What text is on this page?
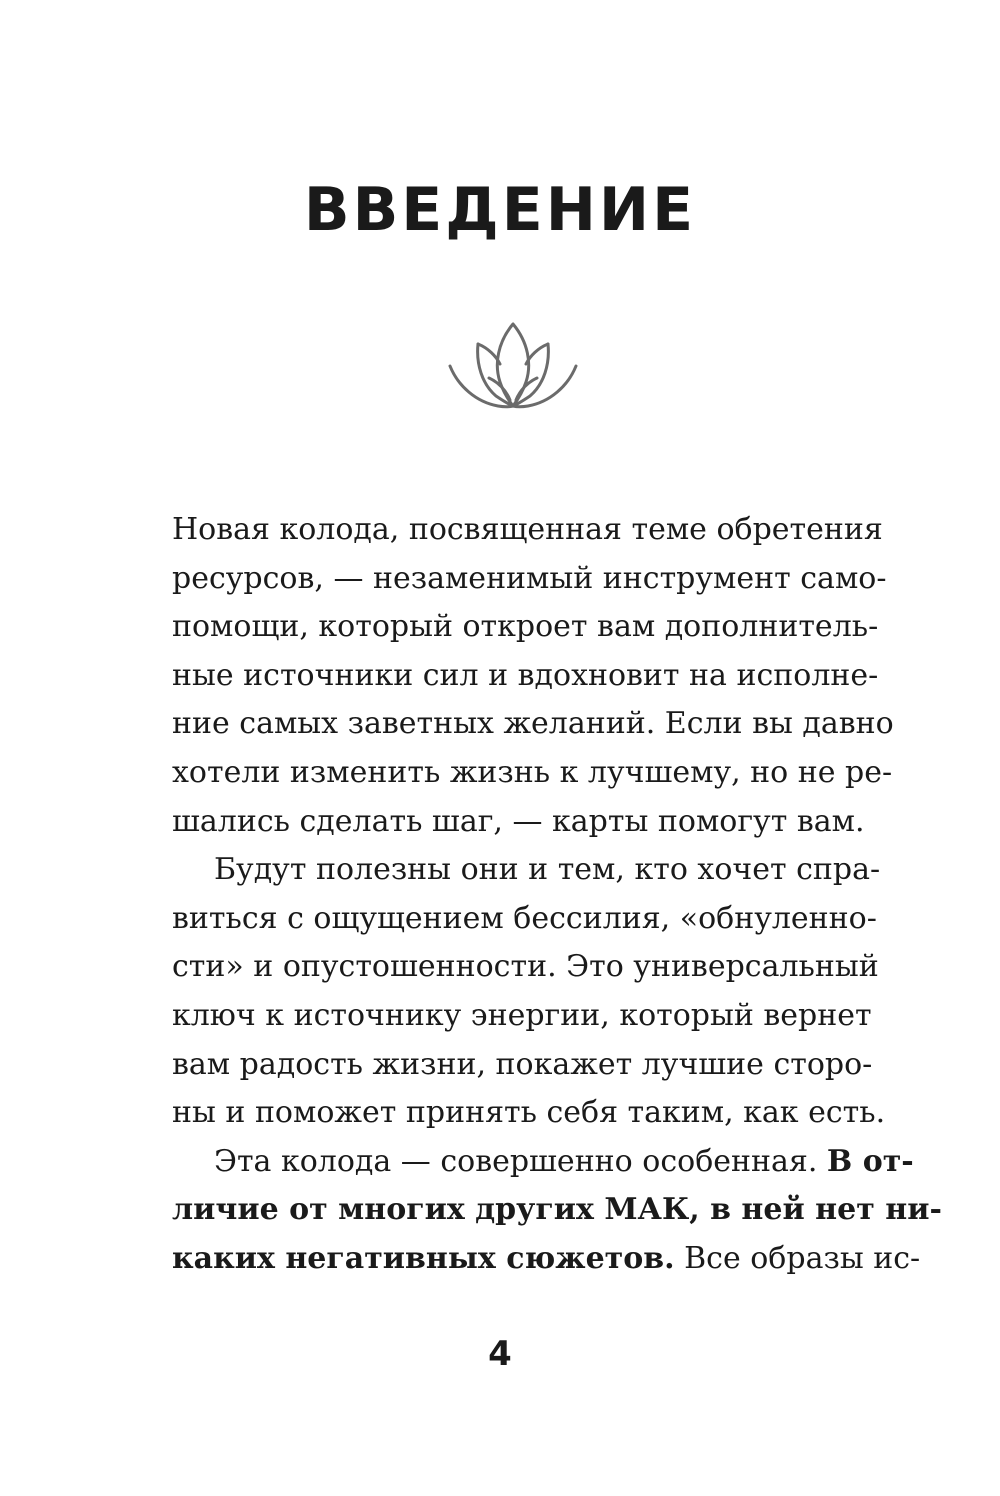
ВВЕДЕНИЕ
Новая колода, посвященная теме обретения
ресурсов, — незаменимый инструмент само-
помощи, который откроет вам дополнитель-
ные источники сил и вдохновит на исполне-
ние самых заветных желаний. Если вы давно
хотели изменить жизнь к лучшему, но не ре-
шались сделать шаг, — карты помогут вам.
Будут полезны они и тем, кто хочет спра-
виться с ощущением бессилия, «обнуленно-
сти» и опустошенности. Это универсальный
ключ к источнику энергии, который вернет
вам радость жизни, покажет лучшие сторо-
ны и поможет принять себя таким, как есть.
Эта колода — совершенно особенная. В от-
личие от многих других МАК, в ней нет ни-
каких негативных сюжетов. Все образы ис-
4
